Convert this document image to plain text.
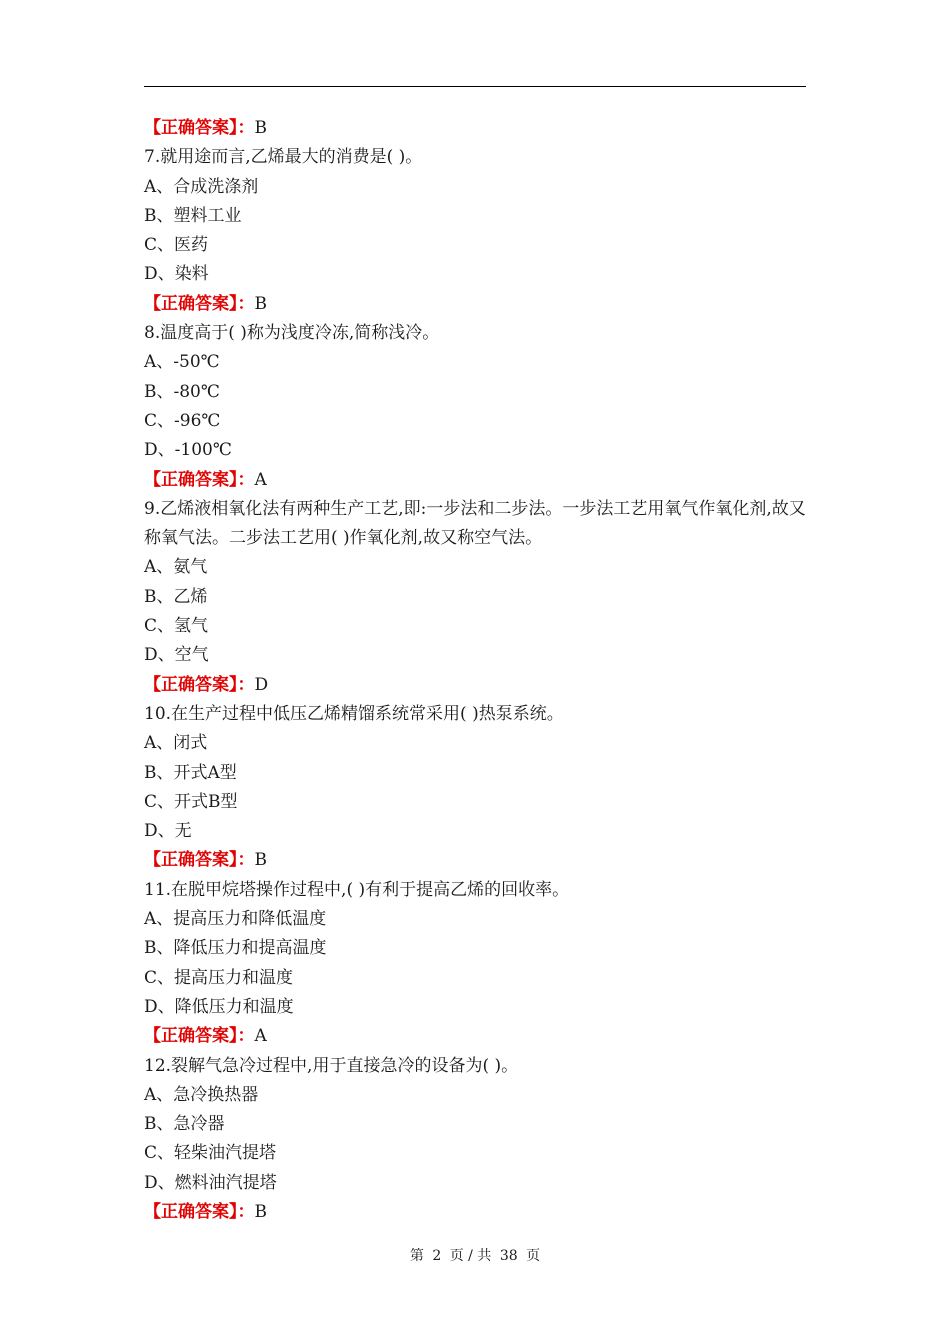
【正确答案】：B
7.就用途而言,乙烯最大的消费是( )。
A、合成洗涤剂
B、塑料工业
C、医药
D、染料
【正确答案】：B
8.温度高于( )称为浅度冷冻,简称浅冷。
A、-50℃
B、-80℃
C、-96℃
D、-100℃
【正确答案】：A
9.乙烯液相氧化法有两种生产工艺,即:一步法和二步法。一步法工艺用氧气作氧化剂,故又称氧气法。二步法工艺用( )作氧化剂,故又称空气法。
A、氨气
B、乙烯
C、氢气
D、空气
【正确答案】：D
10.在生产过程中低压乙烯精馏系统常采用( )热泵系统。
A、闭式
B、开式A型
C、开式B型
D、无
【正确答案】：B
11.在脱甲烷塔操作过程中,( )有利于提高乙烯的回收率。
A、提高压力和降低温度
B、降低压力和提高温度
C、提高压力和温度
D、降低压力和温度
【正确答案】：A
12.裂解气急冷过程中,用于直接急冷的设备为( )。
A、急冷换热器
B、急冷器
C、轻柴油汽提塔
D、燃料油汽提塔
【正确答案】：B
第 2 页 / 共 38 页
